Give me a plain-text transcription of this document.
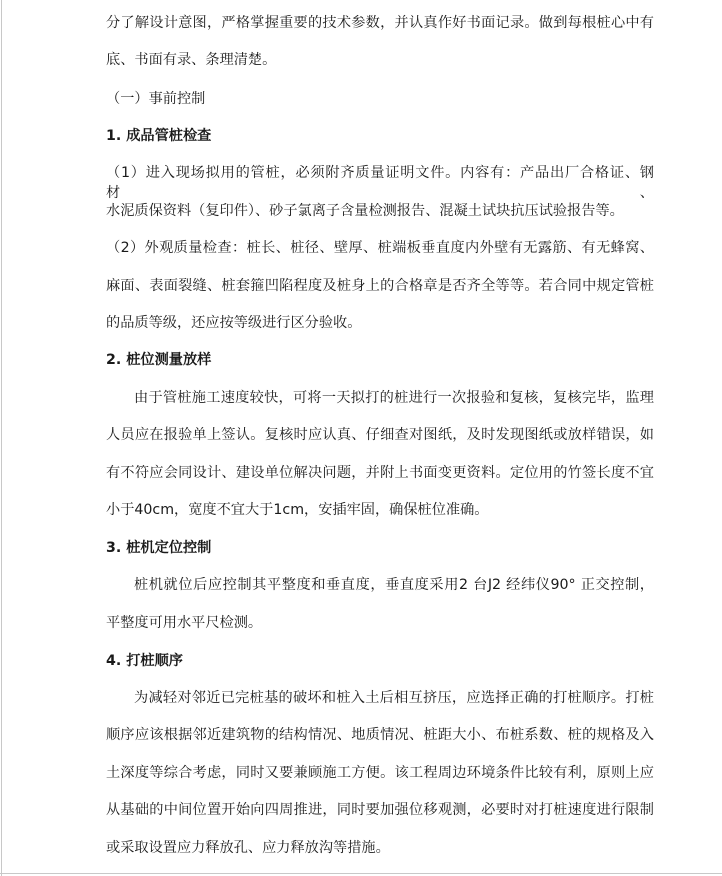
分了解设计意图，严格掌握重要的技术参数，并认真作好书面记录。做到每根桩心中有
底、书面有录、条理清楚。
（一）事前控制
1. 成品管桩检查
（1）进入现场拟用的管桩，必须附齐质量证明文件。内容有：产品出厂合格证、钢材、
水泥质保资料（复印件）、砂子氯离子含量检测报告、混凝土试块抗压试验报告等。
（2）外观质量检查：桩长、桩径、壁厚、桩端板垂直度内外壁有无露筋、有无蜂窝、
麻面、表面裂缝、桩套箍凹陷程度及桩身上的合格章是否齐全等等。若合同中规定管桩
的品质等级，还应按等级进行区分验收。
2. 桩位测量放样
由于管桩施工速度较快，可将一天拟打的桩进行一次报验和复核，复核完毕，监理
人员应在报验单上签认。复核时应认真、仔细查对图纸，及时发现图纸或放样错误，如
有不符应会同设计、建设单位解决问题，并附上书面变更资料。定位用的竹签长度不宜
小于40cm，宽度不宜大于1cm，安插牢固，确保桩位准确。
3. 桩机定位控制
桩机就位后应控制其平整度和垂直度，垂直度采用2 台J2 经纬仪90° 正交控制，
平整度可用水平尺检测。
4. 打桩顺序
为减轻对邻近已完桩基的破坏和桩入土后相互挤压，应选择正确的打桩顺序。打桩
顺序应该根据邻近建筑物的结构情况、地质情况、桩距大小、布桩系数、桩的规格及入
土深度等综合考虑，同时又要兼顾施工方便。该工程周边环境条件比较有利，原则上应
从基础的中间位置开始向四周推进，同时要加强位移观测，必要时对打桩速度进行限制
或采取设置应力释放孔、应力释放沟等措施。
